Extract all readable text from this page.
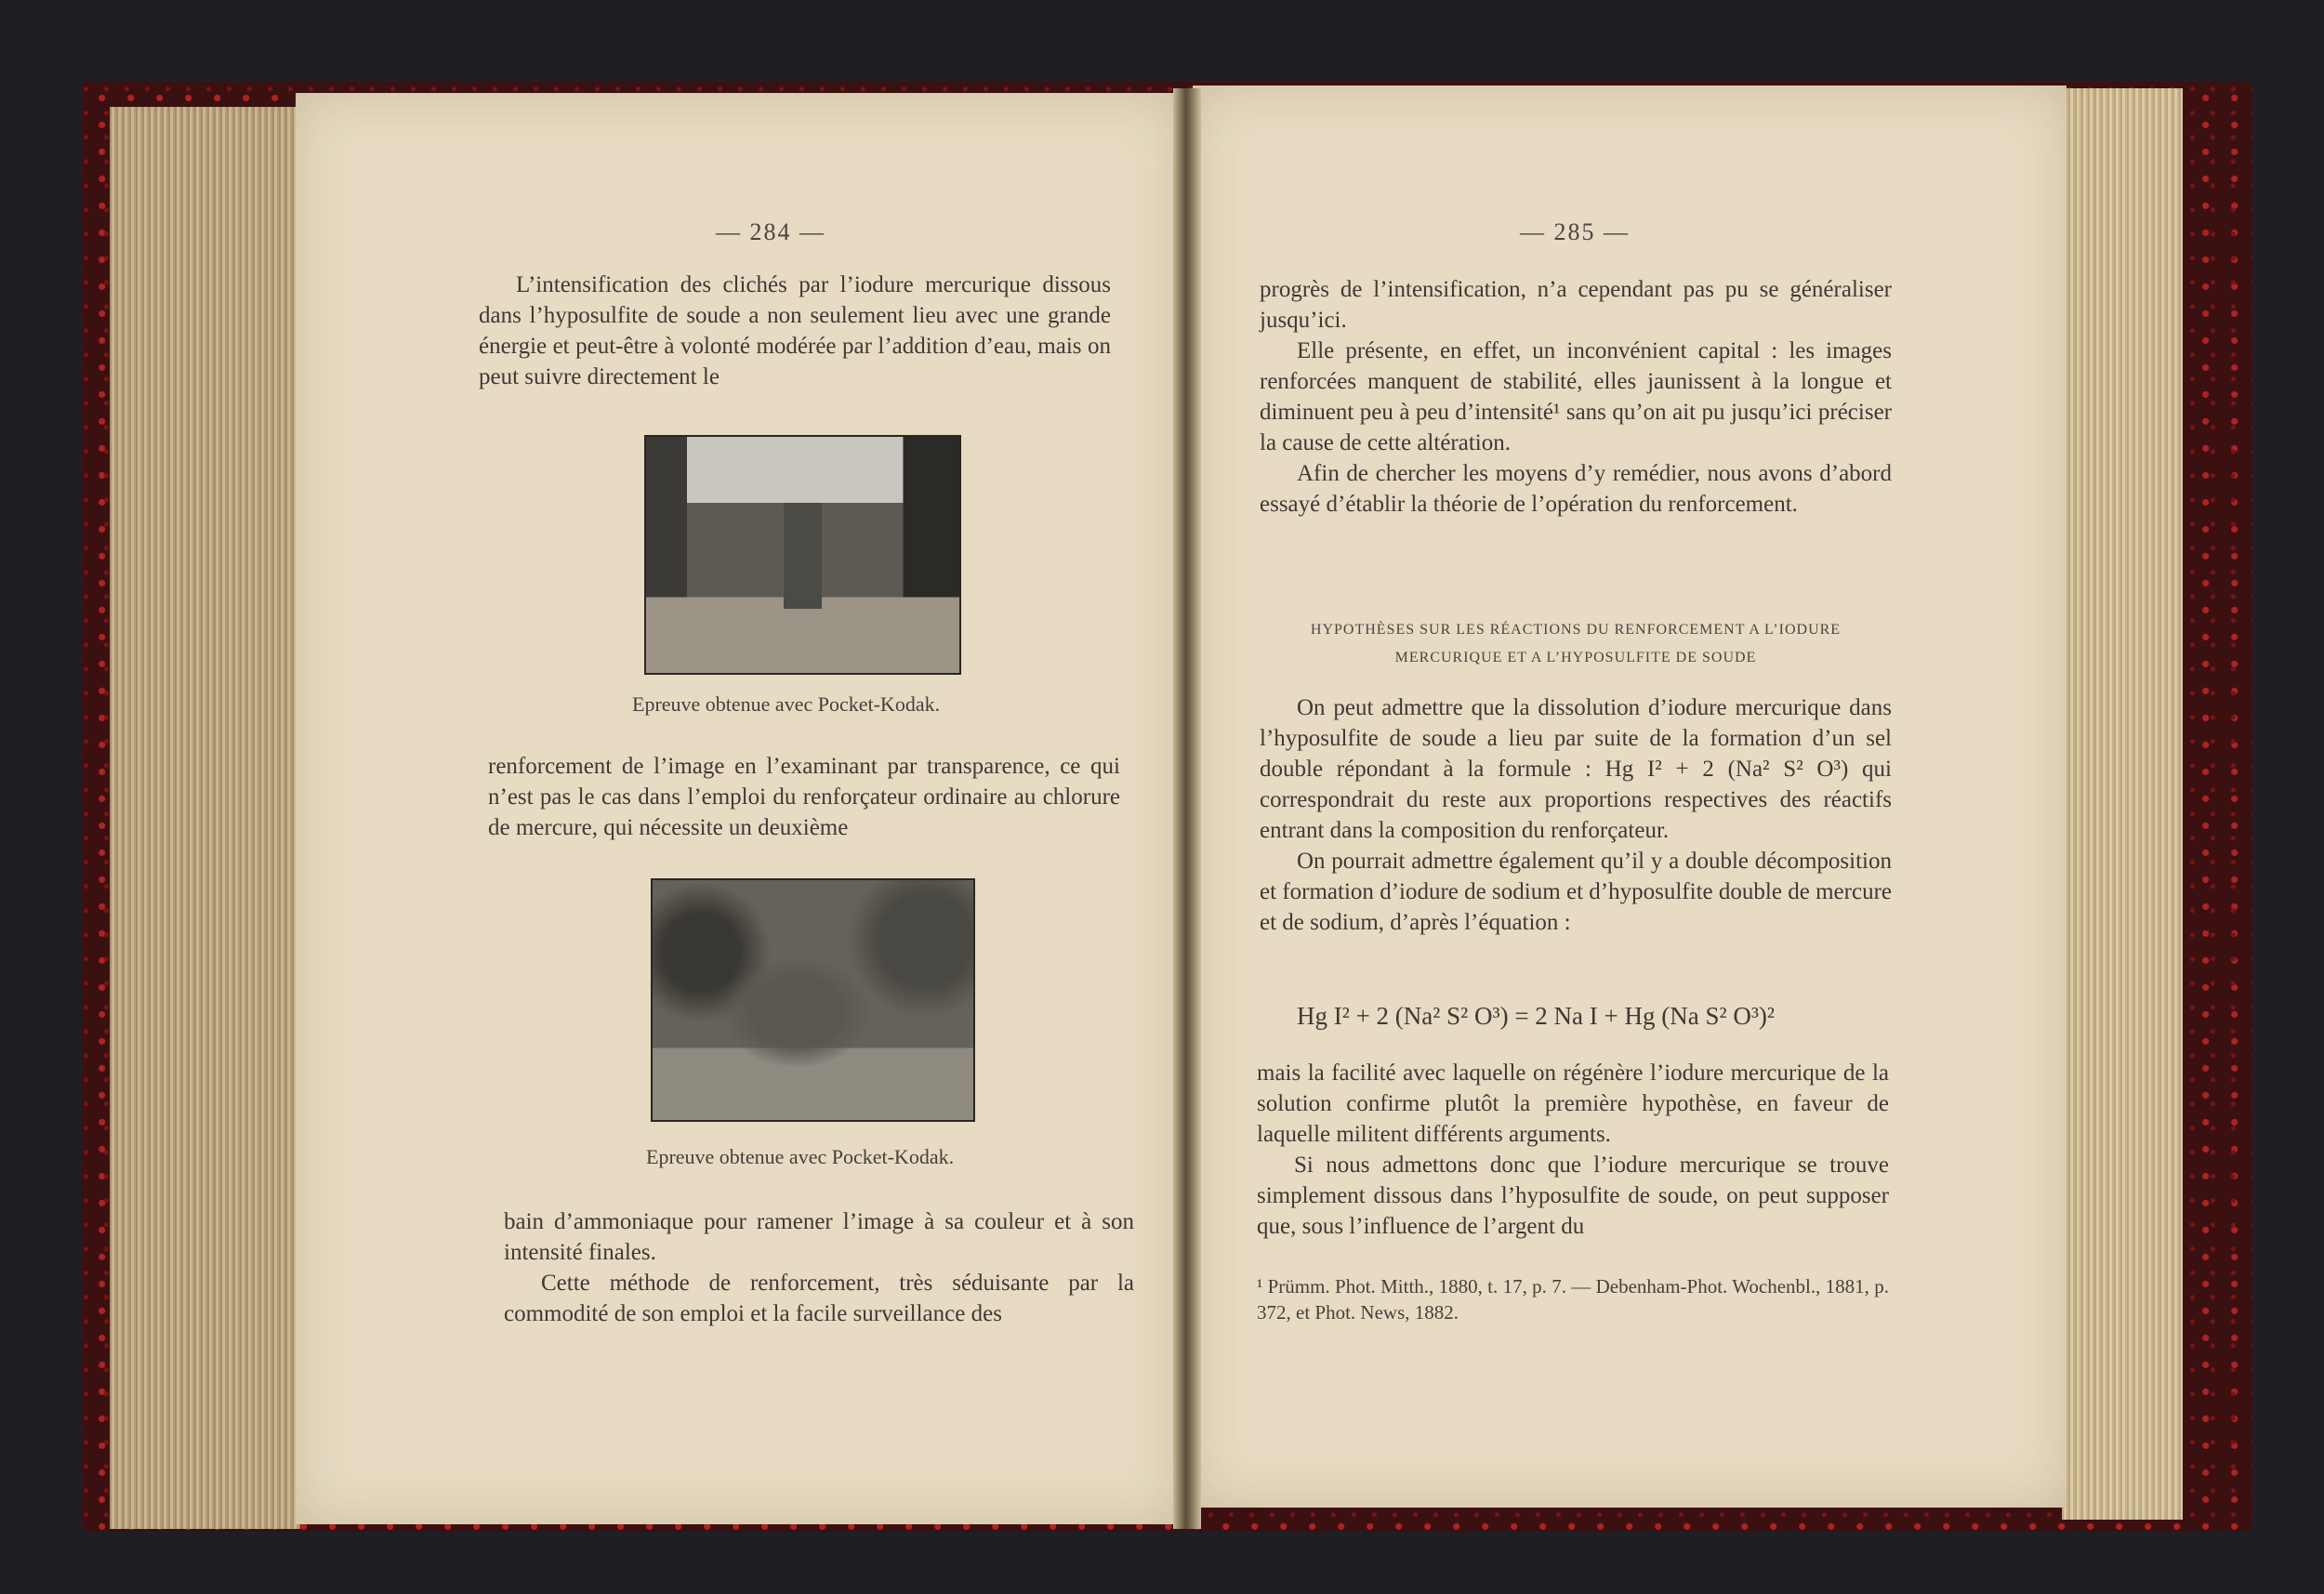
— 284 —

L’intensification des clichés par l’iodure mercurique dissous dans l’hyposulfite de soude a non seulement lieu avec une grande énergie et peut-être à volonté modérée par l’addition d’eau, mais on peut suivre directement le

Epreuve obtenue avec Pocket-Kodak.

renforcement de l’image en l’examinant par transparence, ce qui n’est pas le cas dans l’emploi du renforçateur ordinaire au chlorure de mercure, qui nécessite un deuxième

Epreuve obtenue avec Pocket-Kodak.

bain d’ammoniaque pour ramener l’image à sa couleur et à son intensité finales.

Cette méthode de renforcement, très séduisante par la commodité de son emploi et la facile surveillance des

— 285 —

progrès de l’intensification, n’a cependant pas pu se généraliser jusqu’ici.

Elle présente, en effet, un inconvénient capital : les images renforcées manquent de stabilité, elles jaunissent à la longue et diminuent peu à peu d’intensité¹ sans qu’on ait pu jusqu’ici préciser la cause de cette altération.

Afin de chercher les moyens d’y remédier, nous avons d’abord essayé d’établir la théorie de l’opération du renforcement.

HYPOTHÈSES SUR LES RÉACTIONS DU RENFORCEMENT A L’IODURE MERCURIQUE ET A L’HYPOSULFITE DE SOUDE

On peut admettre que la dissolution d’iodure mercurique dans l’hyposulfite de soude a lieu par suite de la formation d’un sel double répondant à la formule : Hg I² + 2 (Na² S² O³) qui correspondrait du reste aux proportions respectives des réactifs entrant dans la composition du renforçateur.

On pourrait admettre également qu’il y a double décomposition et formation d’iodure de sodium et d’hyposulfite double de mercure et de sodium, d’après l’équation :

Hg I² + 2 (Na² S² O³) = 2 Na I + Hg (Na S² O³)²

mais la facilité avec laquelle on régénère l’iodure mercurique de la solution confirme plutôt la première hypothèse, en faveur de laquelle militent différents arguments.

Si nous admettons donc que l’iodure mercurique se trouve simplement dissous dans l’hyposulfite de soude, on peut supposer que, sous l’influence de l’argent du

¹ Prümm. Phot. Mitth., 1880, t. 17, p. 7. — Debenham-Phot. Wochenbl., 1881, p. 372, et Phot. News, 1882.
